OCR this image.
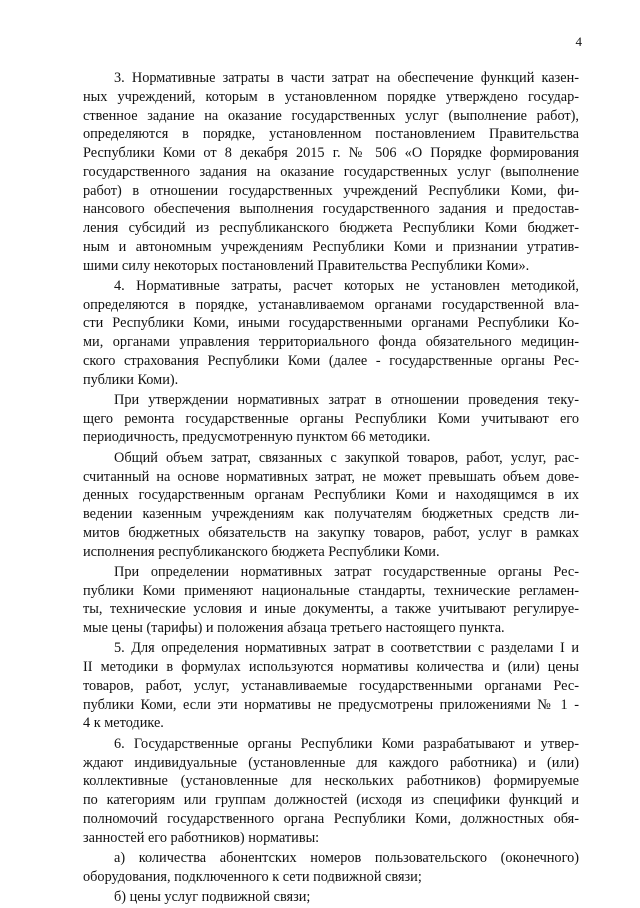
4

3. Нормативные затраты в части затрат на обеспечение функций казен-
ных учреждений, которым в установленном порядке утверждено государ-
ственное задание на оказание государственных услуг (выполнение работ),
определяются в порядке, установленном постановлением Правительства
Республики Коми от 8 декабря 2015 г. № 506 «О Порядке формирования
государственного задания на оказание государственных услуг (выполнение
работ) в отношении государственных учреждений Республики Коми, фи-
нансового обеспечения выполнения государственного задания и предостав-
ления субсидий из республиканского бюджета Республики Коми бюджет-
ным и автономным учреждениям Республики Коми и признании утратив-
шими силу некоторых постановлений Правительства Республики Коми».

4. Нормативные затраты, расчет которых не установлен методикой,
определяются в порядке, устанавливаемом органами государственной вла-
сти Республики Коми, иными государственными органами Республики Ко-
ми, органами управления территориального фонда обязательного медицин-
ского страхования Республики Коми (далее - государственные органы Рес-
публики Коми).

При утверждении нормативных затрат в отношении проведения теку-
щего ремонта государственные органы Республики Коми учитывают его
периодичность, предусмотренную пунктом 66 методики.

Общий объем затрат, связанных с закупкой товаров, работ, услуг, рас-
считанный на основе нормативных затрат, не может превышать объем дове-
денных государственным органам Республики Коми и находящимся в их
ведении казенным учреждениям как получателям бюджетных средств ли-
митов бюджетных обязательств на закупку товаров, работ, услуг в рамках
исполнения республиканского бюджета Республики Коми.

При определении нормативных затрат государственные органы Рес-
публики Коми применяют национальные стандарты, технические регламен-
ты, технические условия и иные документы, а также учитывают регулируе-
мые цены (тарифы) и положения абзаца третьего настоящего пункта.

5. Для определения нормативных затрат в соответствии с разделами I и
II методики в формулах используются нормативы количества и (или) цены
товаров, работ, услуг, устанавливаемые государственными органами Рес-
публики Коми, если эти нормативы не предусмотрены приложениями № 1 -
4 к методике.

6. Государственные органы Республики Коми разрабатывают и утвер-
ждают индивидуальные (установленные для каждого работника) и (или)
коллективные (установленные для нескольких работников) формируемые
по категориям или группам должностей (исходя из специфики функций и
полномочий государственного органа Республики Коми, должностных обя-
занностей его работников) нормативы:

а) количества абонентских номеров пользовательского (оконечного)
оборудования, подключенного к сети подвижной связи;

б) цены услуг подвижной связи;
